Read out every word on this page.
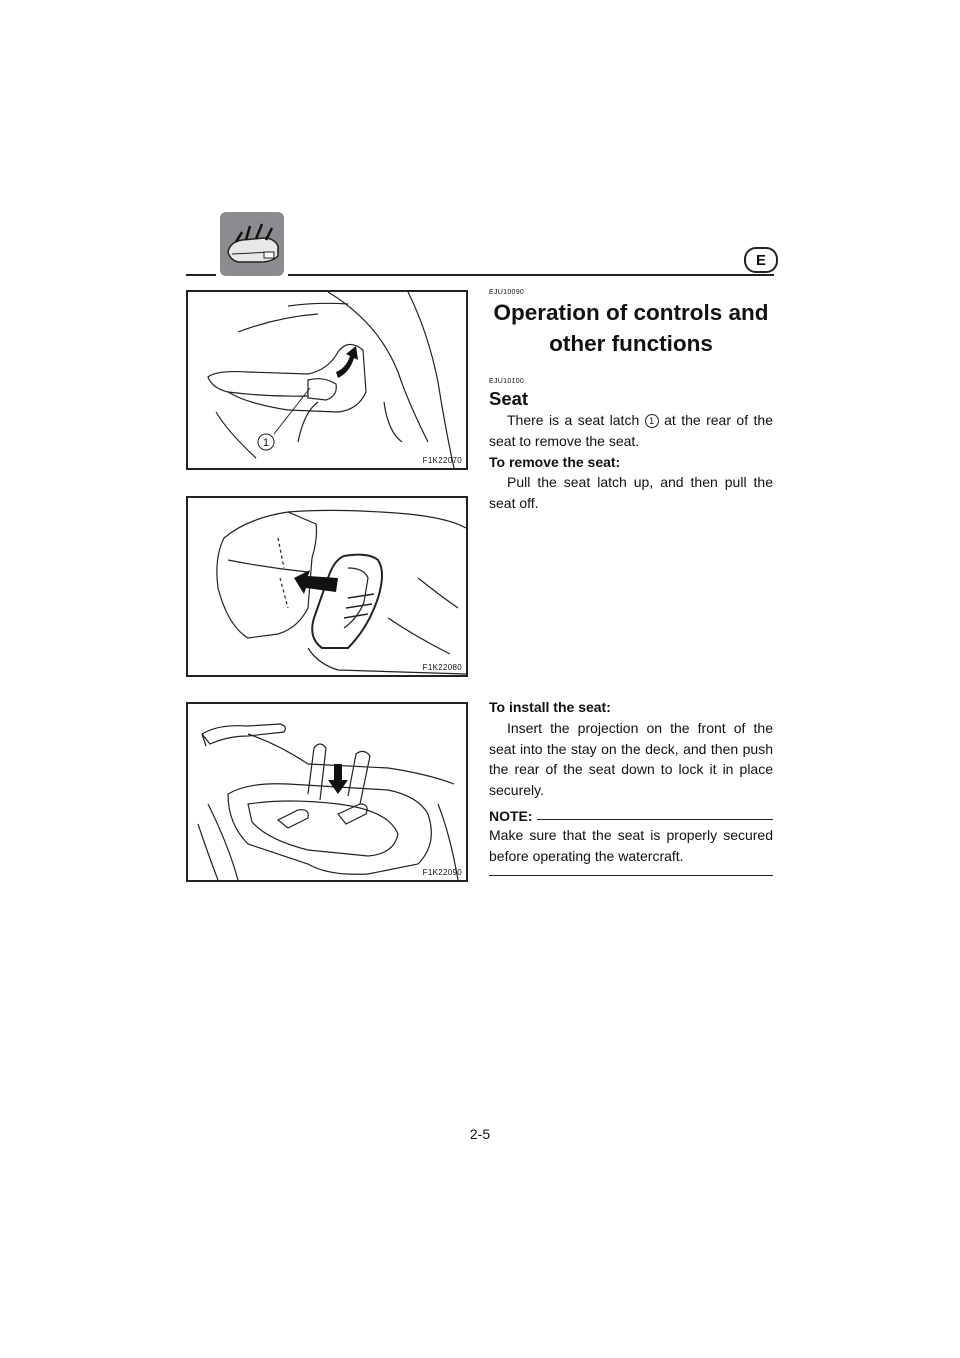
E
1
F1K22070
F1K22080
F1K22090
EJU10090
Operation of controls and
other functions
EJU10100
Seat

There is a seat latch 1 at the rear of the seat to remove the seat.

To remove the seat:

Pull the seat latch up, and then pull the seat off.

To install the seat:

Insert the projection on the front of the seat into the stay on the deck, and then push the rear of the seat down to lock it in place securely.

NOTE:

Make sure that the seat is properly secured before operating the watercraft.

2-5
